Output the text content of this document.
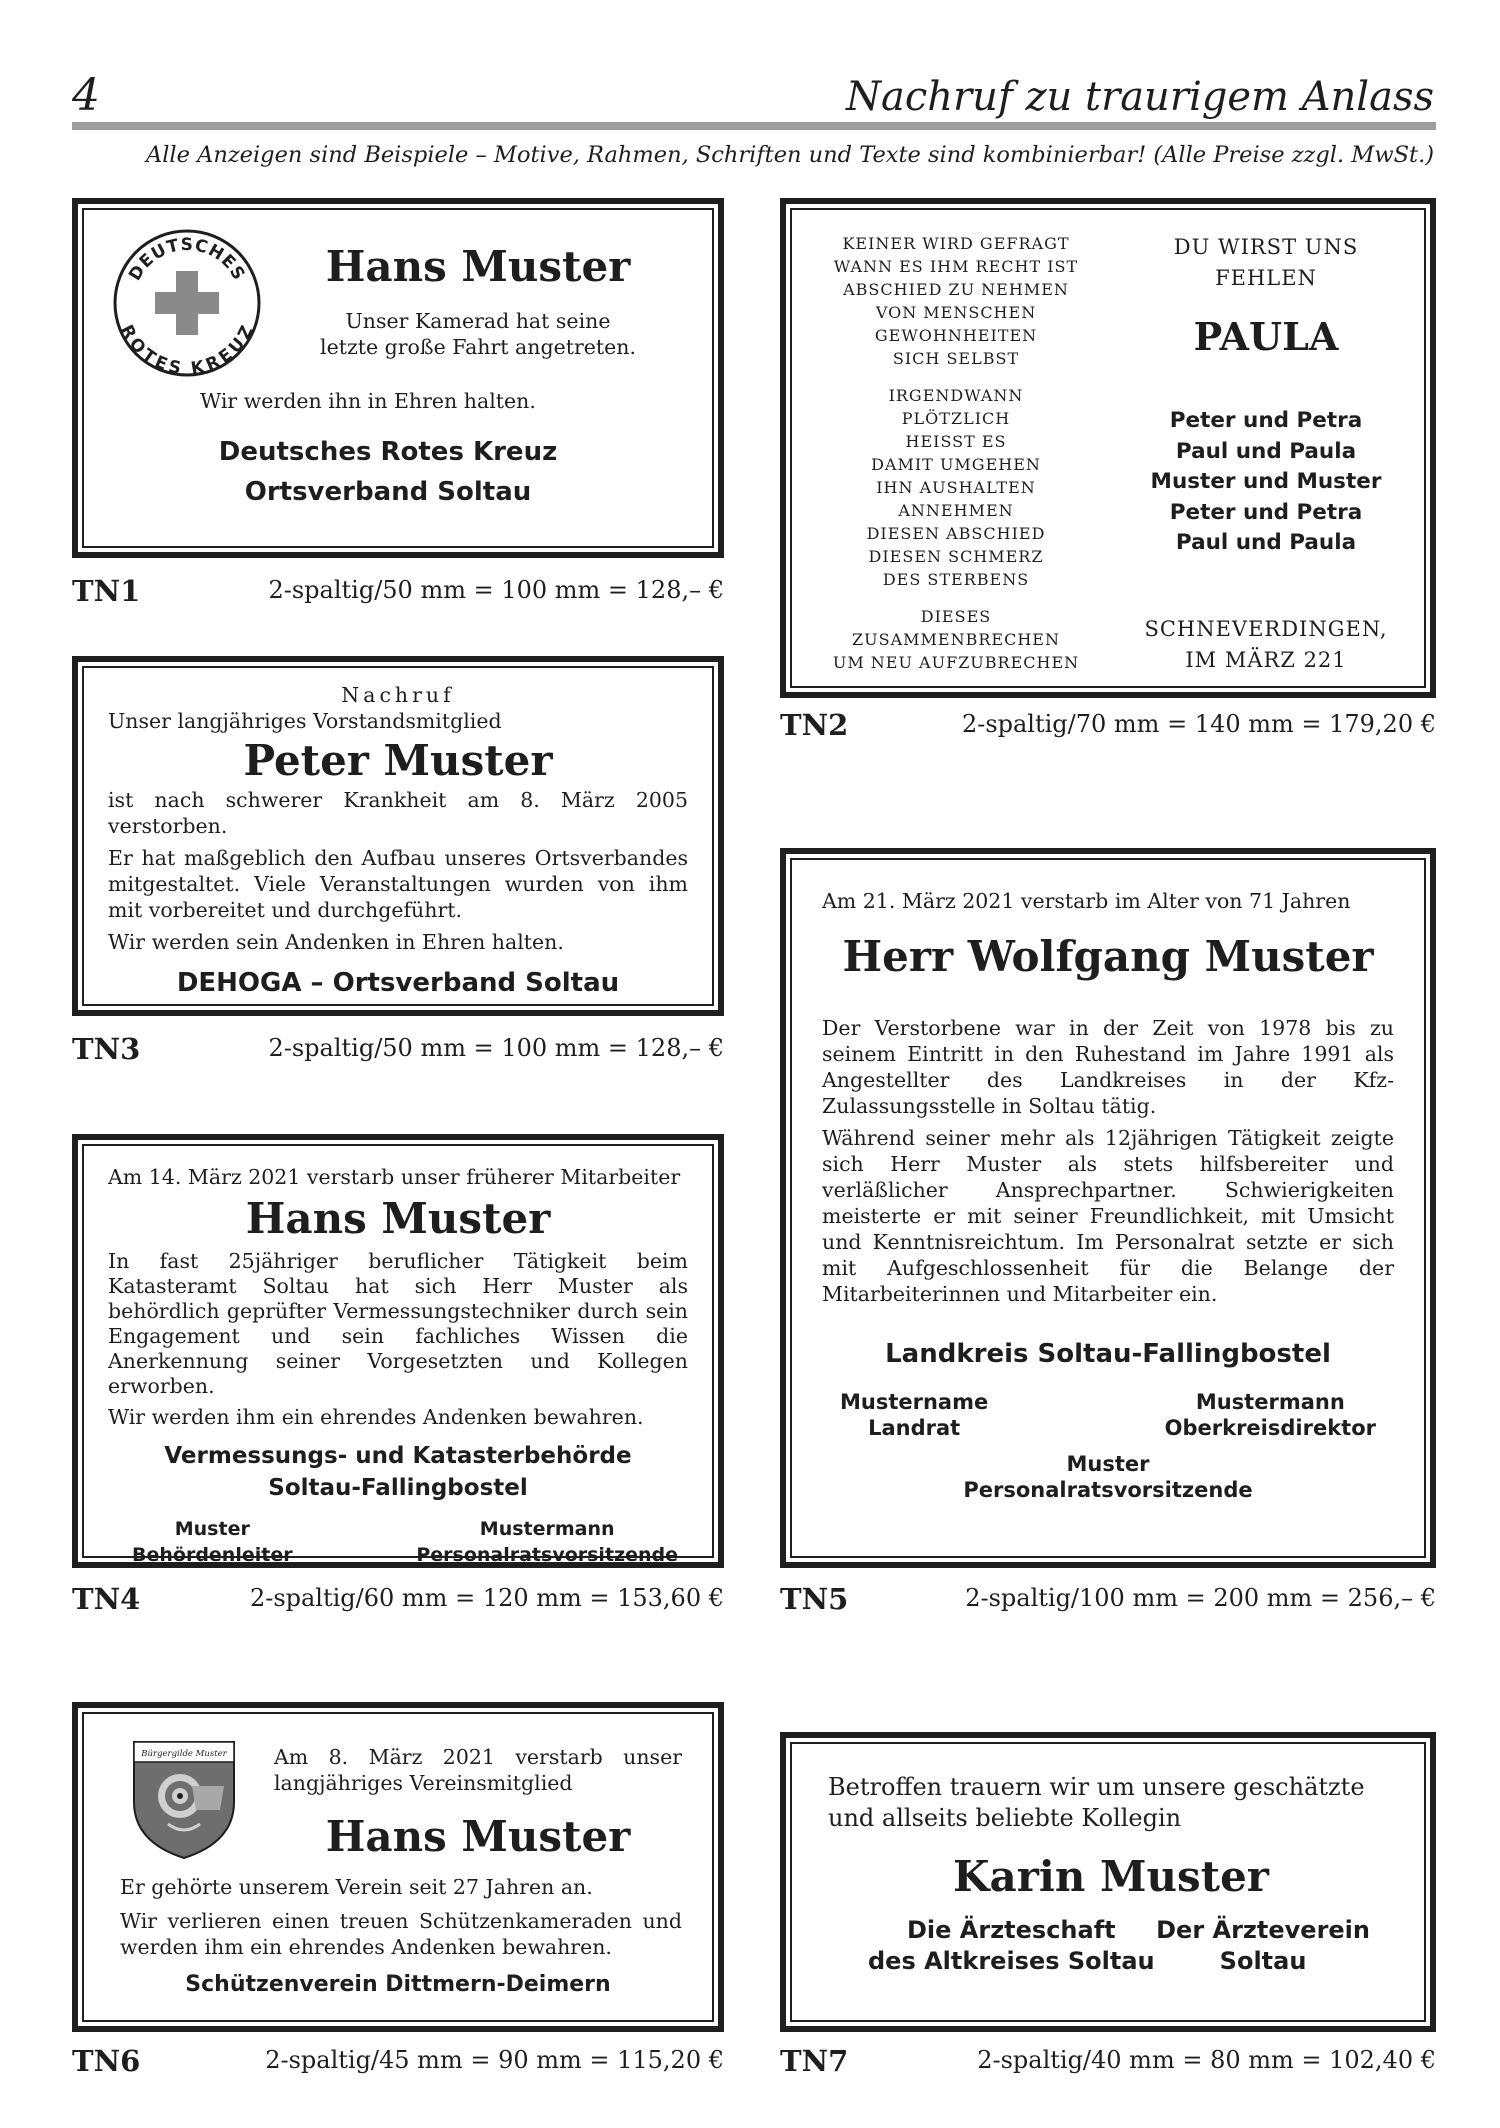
4	Nachruf zu traurigem Anlass
Alle Anzeigen sind Beispiele – Motive, Rahmen, Schriften und Texte sind kombinierbar! (Alle Preise zzgl. MwSt.)
DEUTSCHES
ROTES KREUZ
Hans Muster

Unser Kamerad hat seine

letzte große Fahrt angetreten.

Wir werden ihn in Ehren halten.

Deutsches Rotes Kreuz

Ortsverband Soltau

TN1	2-spaltig/50 mm = 100 mm = 128,– €

KEINER WIRD GEFRAGT

WANN ES IHM RECHT IST

ABSCHIED ZU NEHMEN

VON MENSCHEN

GEWOHNHEITEN

SICH SELBST

IRGENDWANN

PLÖTZLICH

HEISST ES

DAMIT UMGEHEN

IHN AUSHALTEN

ANNEHMEN

DIESEN ABSCHIED

DIESEN SCHMERZ

DES STERBENS

DIESES

ZUSAMMENBRECHEN

UM NEU AUFZUBRECHEN

DU WIRST UNS

FEHLEN

PAULA

Peter und Petra

Paul und Paula

Muster und Muster

Peter und Petra

Paul und Paula

SCHNEVERDINGEN,

IM MÄRZ 221

TN2	2-spaltig/70 mm = 140 mm = 179,20 €
Nachruf
Unser langjähriges Vorstandsmitglied
Peter Muster

ist nach schwerer Krankheit am 8. März 2005 verstorben.

Er hat maßgeblich den Aufbau unseres Ortsverbandes mitgestaltet. Viele Veranstaltungen wurden von ihm mit vorbereitet und durchgeführt.

Wir werden sein Andenken in Ehren halten.

DEHOGA – Ortsverband Soltau
TN3	2-spaltig/50 mm = 100 mm = 128,– €
Am 21. März 2021 verstarb im Alter von 71 Jahren
Herr Wolfgang Muster

Der Verstorbene war in der Zeit von 1978 bis zu seinem Eintritt in den Ruhestand im Jahre 1991 als Angestellter des Landkreises in der Kfz-Zulassungsstelle in Soltau tätig.

Während seiner mehr als 12jährigen Tätigkeit zeigte sich Herr Muster als stets hilfsbereiter und verläßlicher Ansprechpartner. Schwierigkeiten meisterte er mit seiner Freundlichkeit, mit Umsicht und Kenntnisreichtum. Im Personalrat setzte er sich mit Aufgeschlossenheit für die Belange der Mitarbeiterinnen und Mitarbeiter ein.

Landkreis Soltau-Fallingbostel

Mustername

Landrat

Mustermann

Oberkreisdirektor

Muster

Personalratsvorsitzende

TN5	2-spaltig/100 mm = 200 mm = 256,– €
Am 14. März 2021 verstarb unser früherer Mitarbeiter
Hans Muster

In fast 25jähriger beruflicher Tätigkeit beim Katasteramt Soltau hat sich Herr Muster als behördlich geprüfter Vermessungstechniker durch sein Engagement und sein fachliches Wissen die Anerkennung seiner Vorgesetzten und Kollegen erworben.

Wir werden ihm ein ehrendes Andenken bewahren.

Vermessungs- und Katasterbehörde

Soltau-Fallingbostel

Muster

Behördenleiter

Mustermann

Personalratsvorsitzende

TN4	2-spaltig/60 mm = 120 mm = 153,60 €
Bürgergilde Muster Am 8. März 2021 verstarb unser langjähriges Vereinsmitglied
Hans Muster

Er gehörte unserem Verein seit 27 Jahren an.

Wir verlieren einen treuen Schützenkameraden und werden ihm ein ehrendes Andenken bewahren.

Schützenverein Dittmern-Deimern
TN6	2-spaltig/45 mm = 90 mm = 115,20 €
Betroffen trauern wir um unsere geschätzte und allseits beliebte Kollegin
Karin Muster

Die Ärzteschaft

des Altkreises Soltau

Der Ärzteverein

Soltau

TN7	2-spaltig/40 mm = 80 mm = 102,40 €
